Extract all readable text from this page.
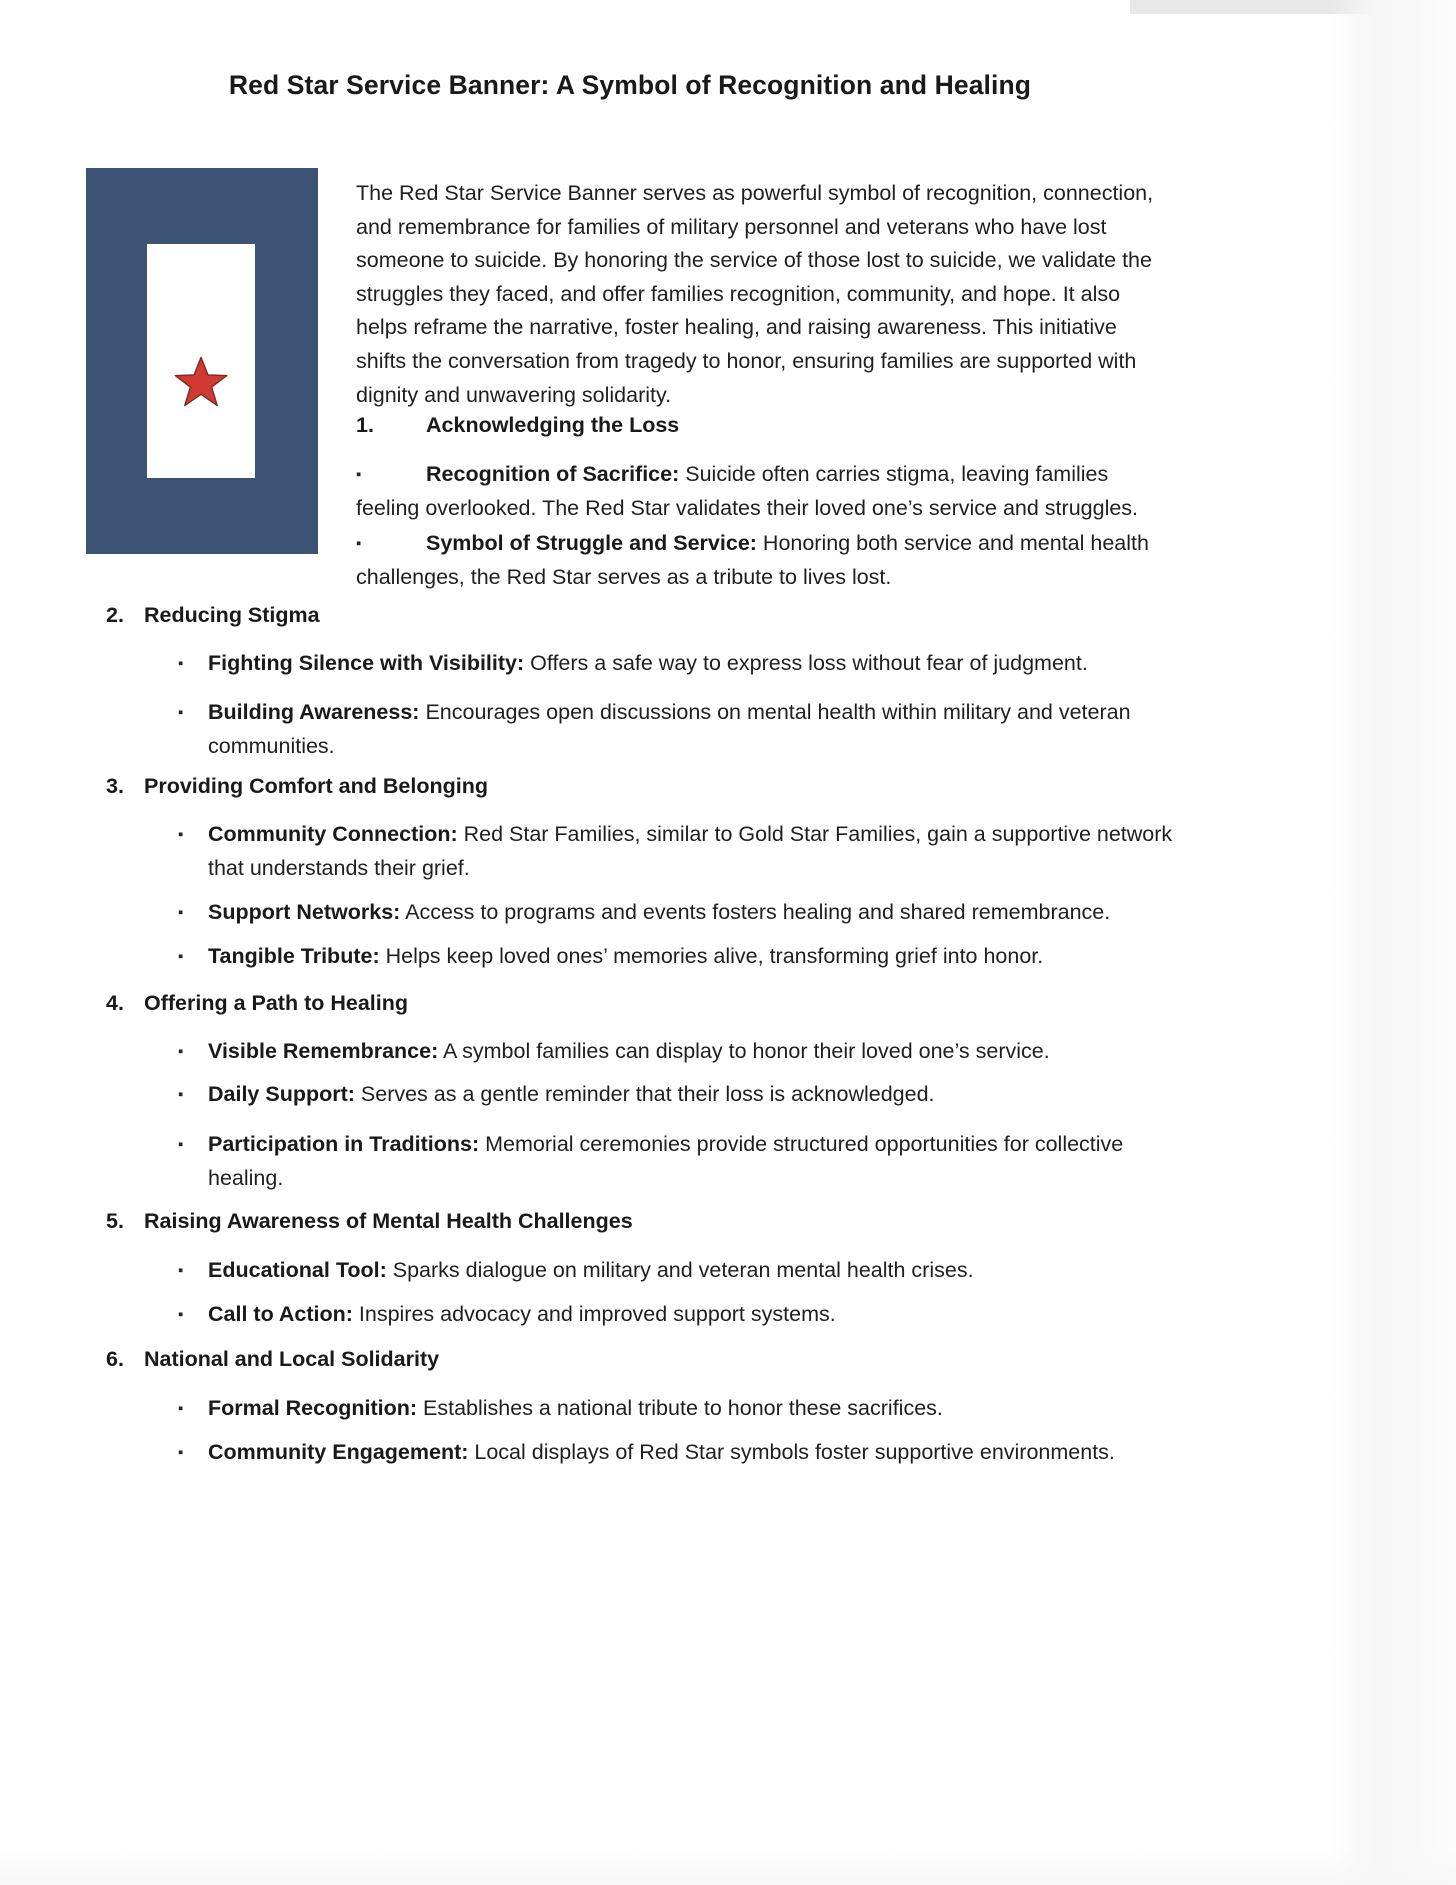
Red Star Service Banner: A Symbol of Recognition and Healing
The Red Star Service Banner serves as powerful symbol of recognition, connection, and remembrance for families of military personnel and veterans who have lost someone to suicide. By honoring the service of those lost to suicide, we validate the struggles they faced, and offer families recognition, community, and hope. It also helps reframe the narrative, foster healing, and raising awareness. This initiative shifts the conversation from tragedy to honor, ensuring families are supported with dignity and unwavering solidarity.
1. Acknowledging the Loss
▪	Recognition of Sacrifice: Suicide often carries stigma, leaving families feeling overlooked. The Red Star validates their loved one’s service and struggles.
▪	Symbol of Struggle and Service: Honoring both service and mental health challenges, the Red Star serves as a tribute to lives lost.
2. Reducing Stigma
▪	Fighting Silence with Visibility: Offers a safe way to express loss without fear of judgment.
▪	Building Awareness: Encourages open discussions on mental health within military and veteran communities.
3. Providing Comfort and Belonging
▪	Community Connection: Red Star Families, similar to Gold Star Families, gain a supportive network that understands their grief.
▪	Support Networks: Access to programs and events fosters healing and shared remembrance.
▪	Tangible Tribute: Helps keep loved ones’ memories alive, transforming grief into honor.
4. Offering a Path to Healing
▪	Visible Remembrance: A symbol families can display to honor their loved one’s service.
▪	Daily Support: Serves as a gentle reminder that their loss is acknowledged.
▪	Participation in Traditions: Memorial ceremonies provide structured opportunities for collective healing.
5. Raising Awareness of Mental Health Challenges
▪	Educational Tool: Sparks dialogue on military and veteran mental health crises.
▪	Call to Action: Inspires advocacy and improved support systems.
6. National and Local Solidarity
▪	Formal Recognition: Establishes a national tribute to honor these sacrifices.
▪	Community Engagement: Local displays of Red Star symbols foster supportive environments.
